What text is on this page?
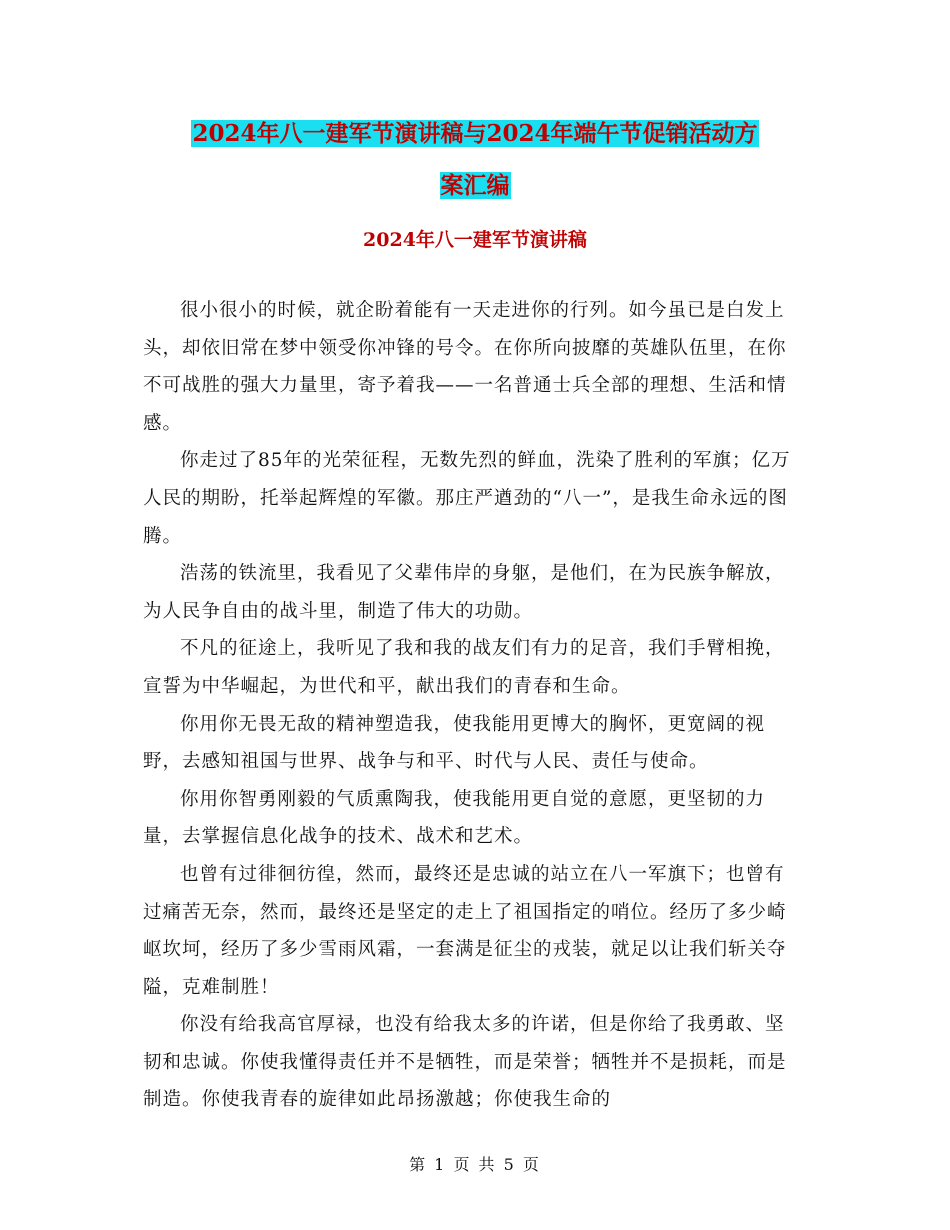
2024年八一建军节演讲稿与2024年端午节促销活动方
案汇编
2024年八一建军节演讲稿

很小很小的时候，就企盼着能有一天走进你的行列。如今虽已是白发上头，却依旧常在梦中领受你冲锋的号令。在你所向披靡的英雄队伍里，在你不可战胜的强大力量里，寄予着我——一名普通士兵全部的理想、生活和情感。

你走过了85年的光荣征程，无数先烈的鲜血，洗染了胜利的军旗；亿万人民的期盼，托举起辉煌的军徽。那庄严遒劲的“八一”，是我生命永远的图腾。

浩荡的铁流里，我看见了父辈伟岸的身躯，是他们，在为民族争解放，为人民争自由的战斗里，制造了伟大的功勋。

不凡的征途上，我听见了我和我的战友们有力的足音，我们手臂相挽，宣誓为中华崛起，为世代和平，献出我们的青春和生命。

你用你无畏无敌的精神塑造我，使我能用更博大的胸怀，更宽阔的视野，去感知祖国与世界、战争与和平、时代与人民、责任与使命。

你用你智勇刚毅的气质熏陶我，使我能用更自觉的意愿，更坚韧的力量，去掌握信息化战争的技术、战术和艺术。

也曾有过徘徊彷徨，然而，最终还是忠诚的站立在八一军旗下；也曾有过痛苦无奈，然而，最终还是坚定的走上了祖国指定的哨位。经历了多少崎岖坎坷，经历了多少雪雨风霜，一套满是征尘的戎装，就足以让我们斩关夺隘，克难制胜！

你没有给我高官厚禄，也没有给我太多的许诺，但是你给了我勇敢、坚韧和忠诚。你使我懂得责任并不是牺牲，而是荣誉；牺牲并不是损耗，而是制造。你使我青春的旋律如此昂扬激越；你使我生命的

第 1 页 共 5 页
